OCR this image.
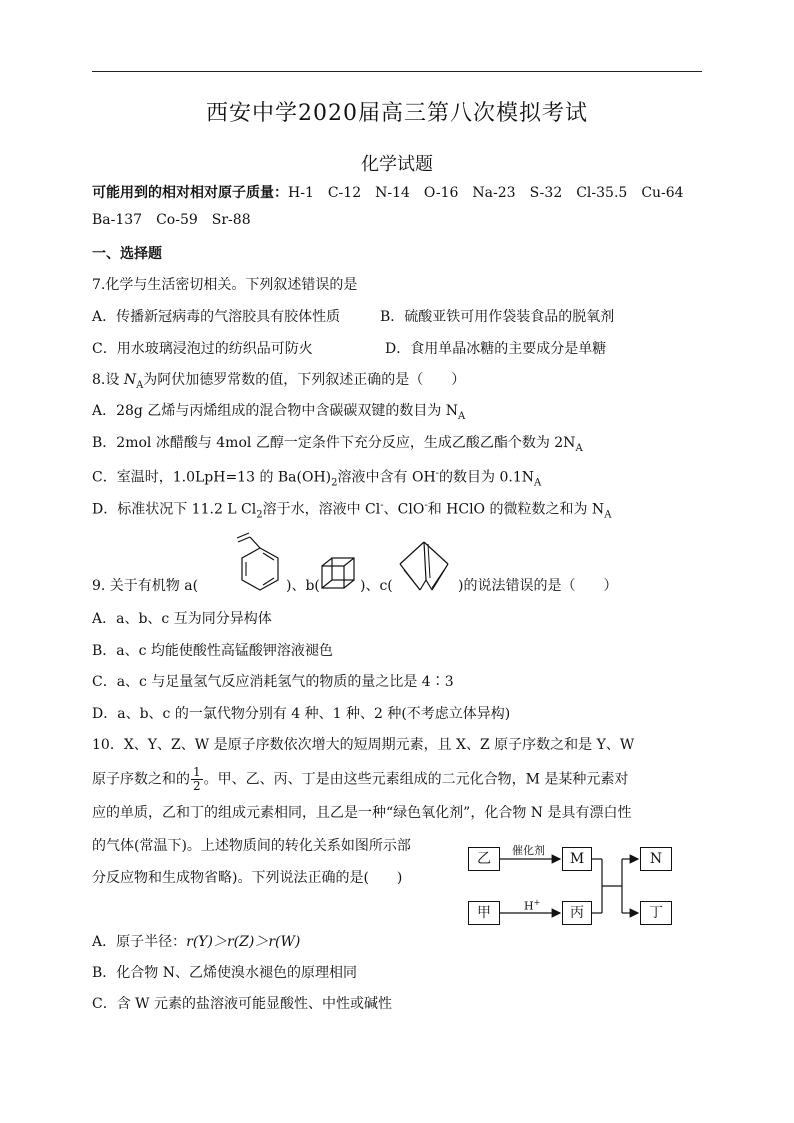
西安中学2020届高三第八次模拟考试
化学试题
可能用到的相对相对原子质量：H-1　C-12　N-14　O-16　Na-23　S-32　Cl-35.5　Cu-64
Ba-137　Co-59　Sr-88
一、选择题
7.化学与生活密切相关。下列叙述错误的是
A．传播新冠病毒的气溶胶具有胶体性质	B．硫酸亚铁可用作袋装食品的脱氧剂
C．用水玻璃浸泡过的纺织品可防火	D．食用单晶冰糖的主要成分是单糖
8.设 $N_A$为阿伏加德罗常数的值，下列叙述正确的是（　　）
A．28g 乙烯与丙烯组成的混合物中含碳碳双键的数目为 $N_A$
B．2mol 冰醋酸与 4mol 乙醇一定条件下充分反应，生成乙酸乙酯个数为 $2N_A$
C．室温时，1.0LpH=13 的 $Ba(OH)_2$溶液中含有 OH-的数目为 $0.1N_A$
D．标准状况下 11.2 L $Cl_2$溶于水，溶液中 Cl-、ClO-和 HClO 的微粒数之和为 $N_A$
9. 关于有机物 a(	)、b(	)、c(	)的说法错误的是（　　）
A．a、b、c 互为同分异构体
B．a、c 均能使酸性高锰酸钾溶液褪色
C．a、c 与足量氢气反应消耗氢气的物质的量之比是 4∶3
D．a、b、c 的一氯代物分别有 4 种、1 种、2 种(不考虑立体异构)
10．X、Y、Z、W 是原子序数依次增大的短周期元素，且 X、Z 原子序数之和是 Y、W
原子序数之和的 $\frac{1}{2}$ 。甲、乙、丙、丁是由这些元素组成的二元化合物，M 是某种元素对
应的单质，乙和丁的组成元素相同，且乙是一种“绿色氧化剂”，化合物 N 是具有漂白性
的气体(常温下)。上述物质间的转化关系如图所示部
分反应物和生成物省略)。下列说法正确的是(　　)
乙
甲
M
丙
N
丁
催化剂
H+
A．原子半径：r(Y)＞r(Z)＞r(W)
B．化合物 N、乙烯使溴水褪色的原理相同
C．含 W 元素的盐溶液可能显酸性、中性或碱性
